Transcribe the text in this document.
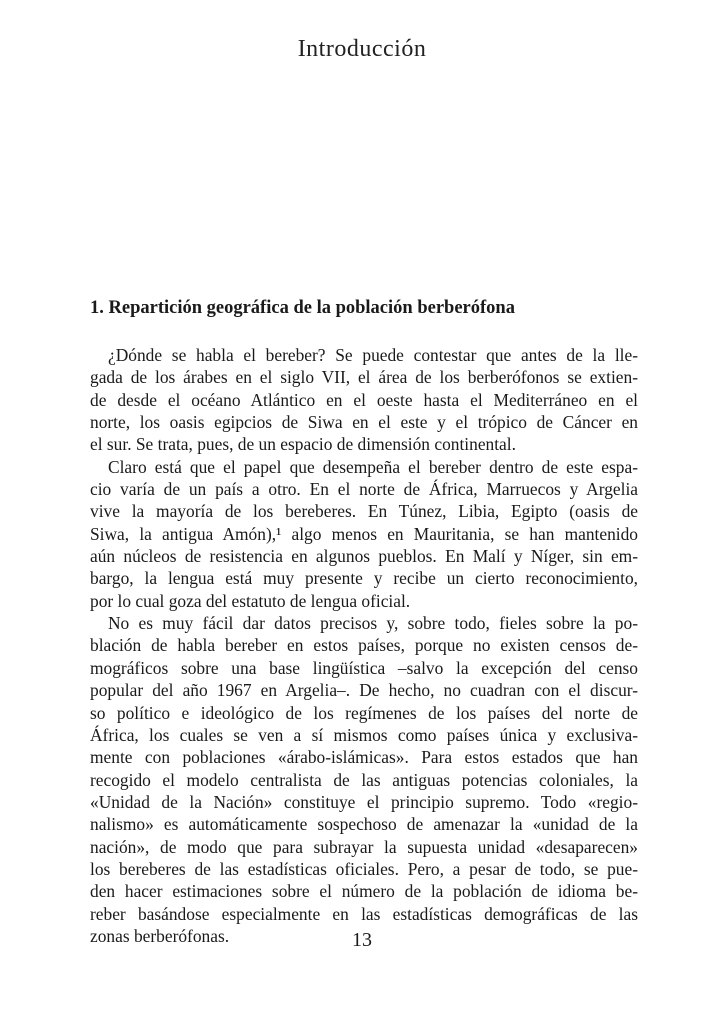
Introducción
1. Repartición geográfica de la población berberófona
¿Dónde se habla el bereber? Se puede contestar que antes de la lle-
gada de los árabes en el siglo VII, el área de los berberófonos se extien-
de desde el océano Atlántico en el oeste hasta el Mediterráneo en el
norte, los oasis egipcios de Siwa en el este y el trópico de Cáncer en
el sur. Se trata, pues, de un espacio de dimensión continental.
Claro está que el papel que desempeña el bereber dentro de este espa-
cio varía de un país a otro. En el norte de África, Marruecos y Argelia
vive la mayoría de los bereberes. En Túnez, Libia, Egipto (oasis de
Siwa, la antigua Amón),¹ algo menos en Mauritania, se han mantenido
aún núcleos de resistencia en algunos pueblos. En Malí y Níger, sin em-
bargo, la lengua está muy presente y recibe un cierto reconocimiento,
por lo cual goza del estatuto de lengua oficial.
No es muy fácil dar datos precisos y, sobre todo, fieles sobre la po-
blación de habla bereber en estos países, porque no existen censos de-
mográficos sobre una base lingüística –salvo la excepción del censo
popular del año 1967 en Argelia–. De hecho, no cuadran con el discur-
so político e ideológico de los regímenes de los países del norte de
África, los cuales se ven a sí mismos como países única y exclusiva-
mente con poblaciones «árabo-islámicas». Para estos estados que han
recogido el modelo centralista de las antiguas potencias coloniales, la
«Unidad de la Nación» constituye el principio supremo. Todo «regio-
nalismo» es automáticamente sospechoso de amenazar la «unidad de la
nación», de modo que para subrayar la supuesta unidad «desaparecen»
los bereberes de las estadísticas oficiales. Pero, a pesar de todo, se pue-
den hacer estimaciones sobre el número de la población de idioma be-
reber basándose especialmente en las estadísticas demográficas de las
zonas berberófonas.	13
